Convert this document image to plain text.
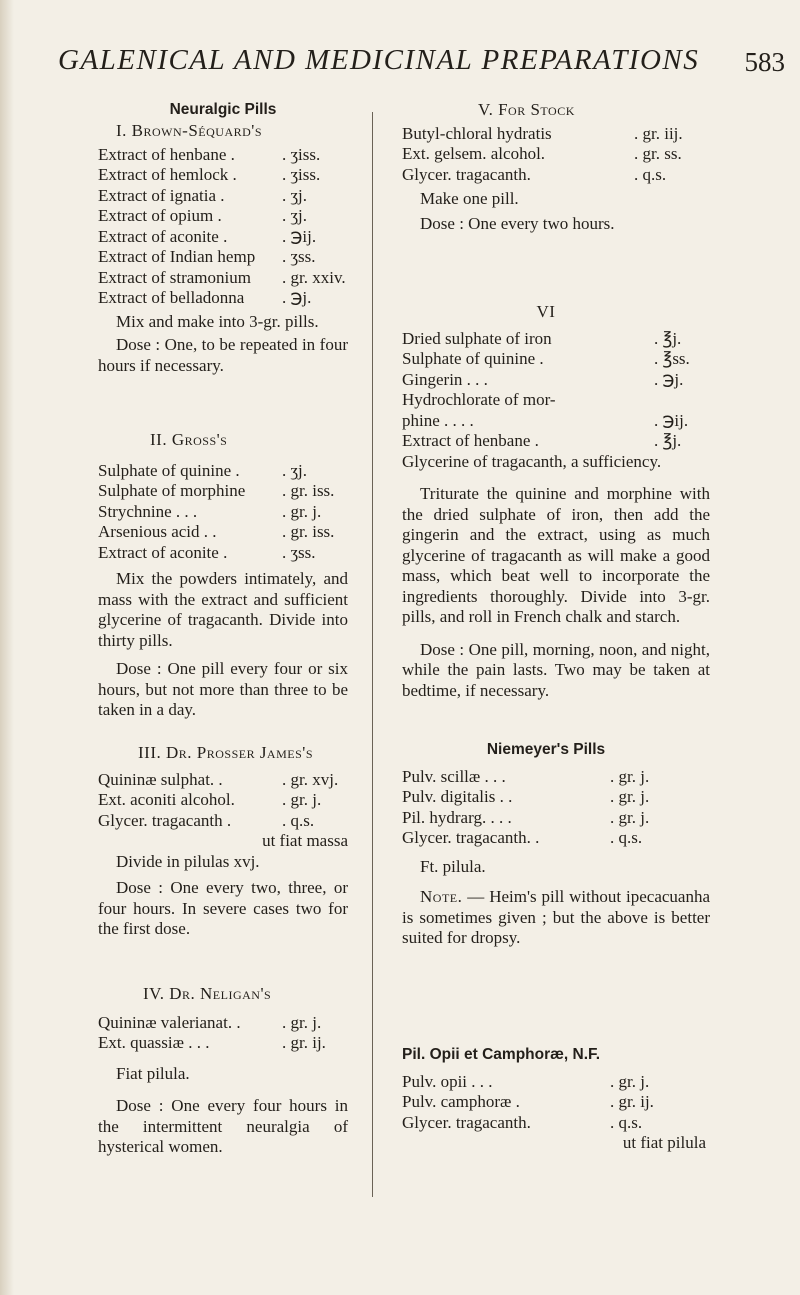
GALENICAL AND MEDICINAL PREPARATIONS 583
Neuralgic Pills
I. Brown-Séquard's
Extract of henbane .	. ʒiss.
Extract of hemlock .	. ʒiss.
Extract of ignatia .	. ʒj.
Extract of opium .	. ʒj.
Extract of aconite .	. ℈ij.
Extract of Indian hemp . ʒss.
Extract of stramonium . gr. xxiv.
Extract of belladonna . ℈j.
Mix and make into 3-gr. pills.
Dose : One, to be repeated in four hours if necessary.
II. Gross's
Sulphate of quinine . . ʒj.
Sulphate of morphine . gr. iss.
Strychnine . . .	. gr. j.
Arsenious acid . .	. gr. iss.
Extract of aconite .	. ʒss.
Mix the powders intimately, and mass with the extract and sufficient glycerine of tragacanth. Divide into thirty pills.
Dose : One pill every four or six hours, but not more than three to be taken in a day.
III. Dr. Prosser James's
Quininæ sulphat. .	. gr. xvj.
Ext. aconiti alcohol.	. gr. j.
Glycer. tragacanth .	. q.s.
ut fiat massa
Divide in pilulas xvj.
Dose : One every two, three, or four hours. In severe cases two for the first dose.
IV. Dr. Neligan's
Quininæ valerianat. . . gr. j.
Ext. quassiæ . . .	. gr. ij.
Fiat pilula.
Dose : One every four hours in the intermittent neuralgia of hysterical women.
V. For Stock
Butyl-chloral hydratis	. gr. iij.
Ext. gelsem. alcohol.	. gr. ss.
Glycer. tragacanth.	. q.s.
Make one pill.
Dose : One every two hours.
VI
Dried sulphate of iron	. ℥j.
Sulphate of quinine .	. ℥ss.
Gingerin . . .	. ℈j.
Hydrochlorate of mor-
phine . . . .	. ℈ij.
Extract of henbane .	. ℥j.
Glycerine of tragacanth, a sufficiency.
Triturate the quinine and morphine with the dried sulphate of iron, then add the gingerin and the extract, using as much glycerine of tragacanth as will make a good mass, which beat well to incorporate the ingredients thoroughly. Divide into 3-gr. pills, and roll in French chalk and starch.
Dose : One pill, morning, noon, and night, while the pain lasts. Two may be taken at bedtime, if necessary.
Niemeyer's Pills
Pulv. scillæ . . .	. gr. j.
Pulv. digitalis . .	. gr. j.
Pil. hydrarg. . . .	. gr. j.
Glycer. tragacanth. .	. q.s.
Ft. pilula.
Note. — Heim's pill without ipecacuanha is sometimes given ; but the above is better suited for dropsy.
Pil. Opii et Camphoræ, N.F.
Pulv. opii . . .	. gr. j.
Pulv. camphoræ .	. gr. ij.
Glycer. tragacanth.	. q.s.
ut fiat pilula
